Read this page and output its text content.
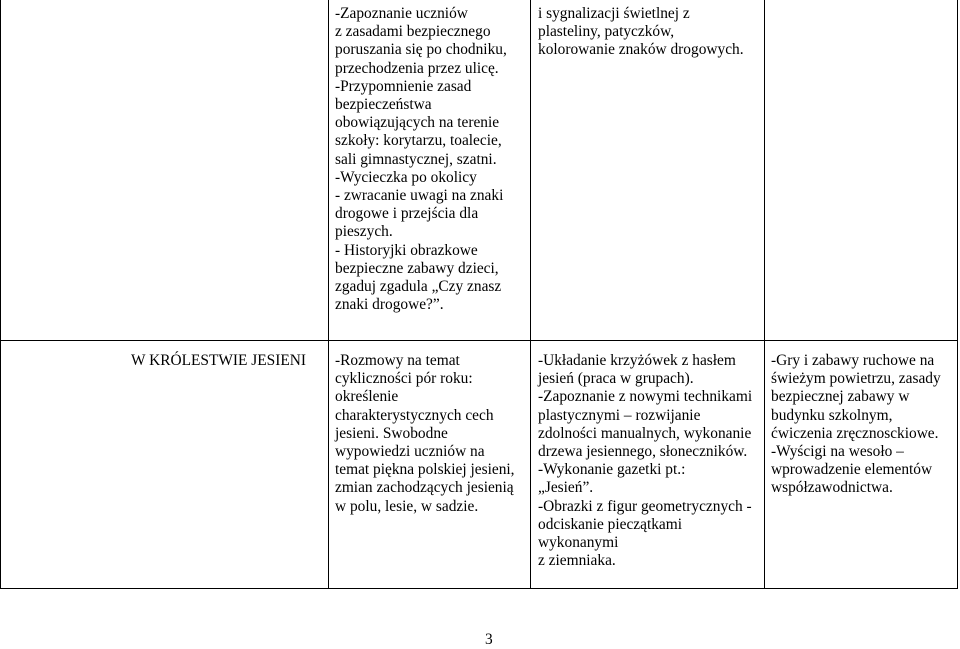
-Zapoznanie uczniów
z zasadami bezpiecznego
poruszania się po chodniku,
przechodzenia przez ulicę.
-Przypomnienie zasad
bezpieczeństwa
obowiązujących na terenie
szkoły: korytarzu, toalecie,
sali gimnastycznej, szatni.
-Wycieczka po okolicy
- zwracanie uwagi na znaki
drogowe i przejścia dla
pieszych.
- Historyjki obrazkowe
bezpieczne zabawy dzieci,
zgaduj zgadula „Czy znasz
znaki drogowe?”.
i sygnalizacji świetlnej z
plasteliny, patyczków,
kolorowanie znaków drogowych.
W KRÓLESTWIE JESIENI -Rozmowy na temat
cykliczności pór roku:
określenie
charakterystycznych cech
jesieni. Swobodne
wypowiedzi uczniów na
temat piękna polskiej jesieni,
zmian zachodzących jesienią
w polu, lesie, w sadzie.
-Układanie krzyżówek z hasłem
jesień (praca w grupach).
-Zapoznanie z nowymi technikami
plastycznymi – rozwijanie
zdolności manualnych, wykonanie
drzewa jesiennego, słoneczników.
-Wykonanie gazetki pt.:
„Jesień”.
-Obrazki z figur geometrycznych -
odciskanie pieczątkami
wykonanymi
z ziemniaka.
-Gry i zabawy ruchowe na
świeżym powietrzu, zasady
bezpiecznej zabawy w
budynku szkolnym,
ćwiczenia zręcznosckiowe.
-Wyścigi na wesoło –
wprowadzenie elementów
współzawodnictwa.
3
